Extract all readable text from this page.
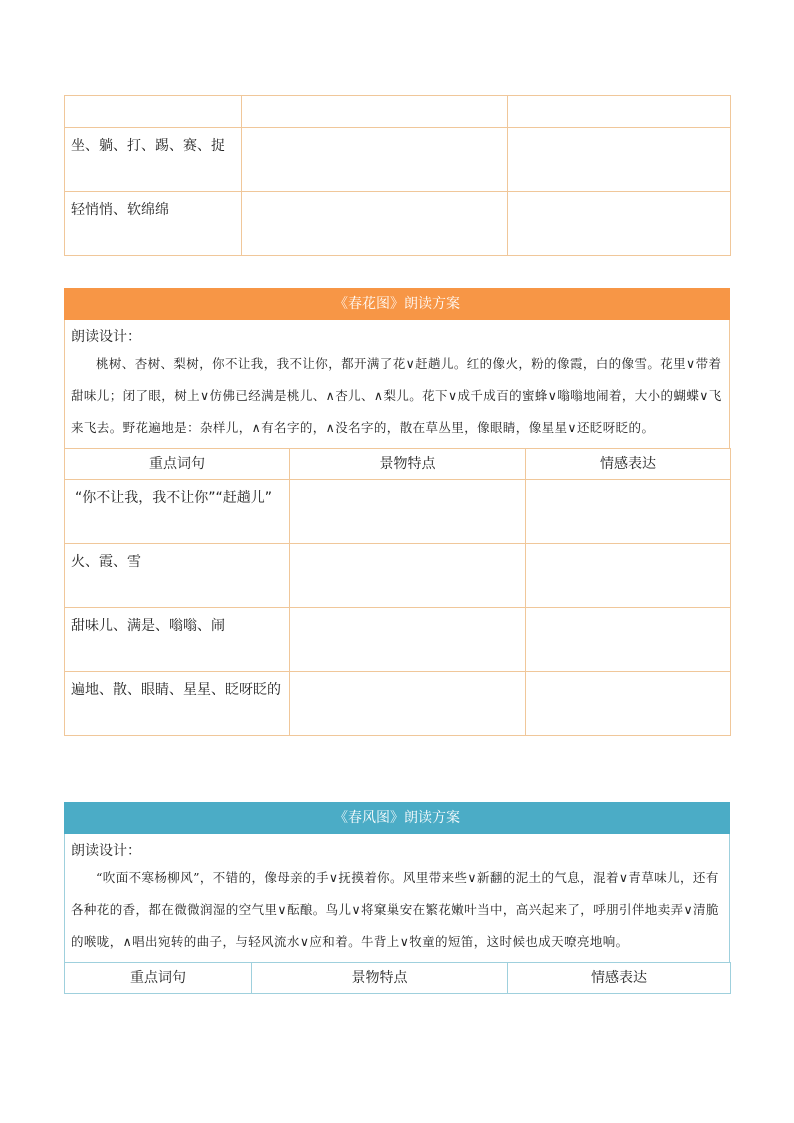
坐、躺、打、踢、赛、捉		

轻悄悄、软绵绵		

《春花图》朗读方案
朗读设计：
桃树、杏树、梨树，你不让我，我不让你，都开满了花∨赶趟儿。红的像火，粉的像霞，白的像雪。花里∨带着甜味儿；闭了眼，树上∨仿佛已经满是桃儿、∧杏儿、∧梨儿。花下∨成千成百的蜜蜂∨嗡嗡地闹着，大小的蝴蝶∨飞来飞去。野花遍地是：杂样儿，∧有名字的，∧没名字的，散在草丛里，像眼睛，像星星∨还眨呀眨的。
重点词句	景物特点	情感表达

“你不让我，我不让你”“赶趟儿”		

火、霞、雪		

甜味儿、满是、嗡嗡、闹		

遍地、散、眼睛、星星、眨呀眨的		

《春风图》朗读方案
朗读设计：
“吹面不寒杨柳风”，不错的，像母亲的手∨抚摸着你。风里带来些∨新翻的泥土的气息，混着∨青草味儿，还有各种花的香，都在微微润湿的空气里∨酝酿。鸟儿∨将窠巢安在繁花嫩叶当中，高兴起来了，呼朋引伴地卖弄∨清脆的喉咙，∧唱出宛转的曲子，与轻风流水∨应和着。牛背上∨牧童的短笛，这时候也成天嘹亮地响。
重点词句	景物特点	情感表达
